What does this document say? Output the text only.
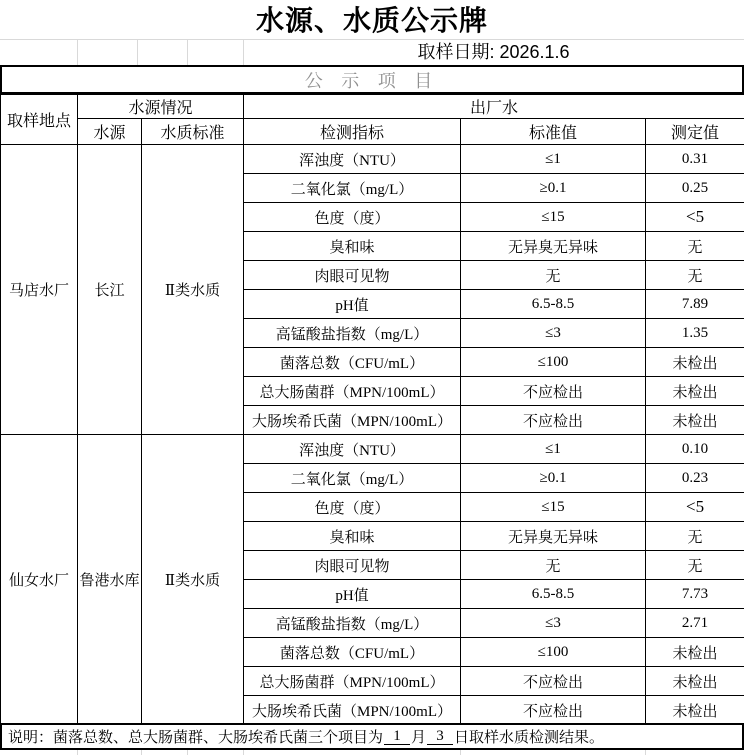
水源、水质公示牌
取样日期: 2026.1.6
公 示 项 目
取样地点	水源情况		出厂水		
	水源	水质标准	检测指标	标准值	测定值
马店水厂	长江	Ⅱ类水质	浑浊度（NTU）	≤1	0.31
			二氧化氯（mg/L）	≥0.1	0.25
			色度（度）	≤15	<5
			臭和味	无异臭无异味	无
			肉眼可见物	无	无
			pH值	6.5-8.5	7.89
			高锰酸盐指数（mg/L）	≤3	1.35
			菌落总数（CFU/mL）	≤100	未检出
			总大肠菌群（MPN/100mL）	不应检出	未检出
			大肠埃希氏菌（MPN/100mL）	不应检出	未检出
仙女水厂	鲁港水库	Ⅱ类水质	浑浊度（NTU）	≤1	0.10
			二氧化氯（mg/L）	≥0.1	0.23
			色度（度）	≤15	<5
			臭和味	无异臭无异味	无
			肉眼可见物	无	无
			pH值	6.5-8.5	7.73
			高锰酸盐指数（mg/L）	≤3	2.71
			菌落总数（CFU/mL）	≤100	未检出
			总大肠菌群（MPN/100mL）	不应检出	未检出
			大肠埃希氏菌（MPN/100mL）	不应检出	未检出
说明：菌落总数、总大肠菌群、大肠埃希氏菌三个项目为 1 月 3 日 取样水质检测结果。
